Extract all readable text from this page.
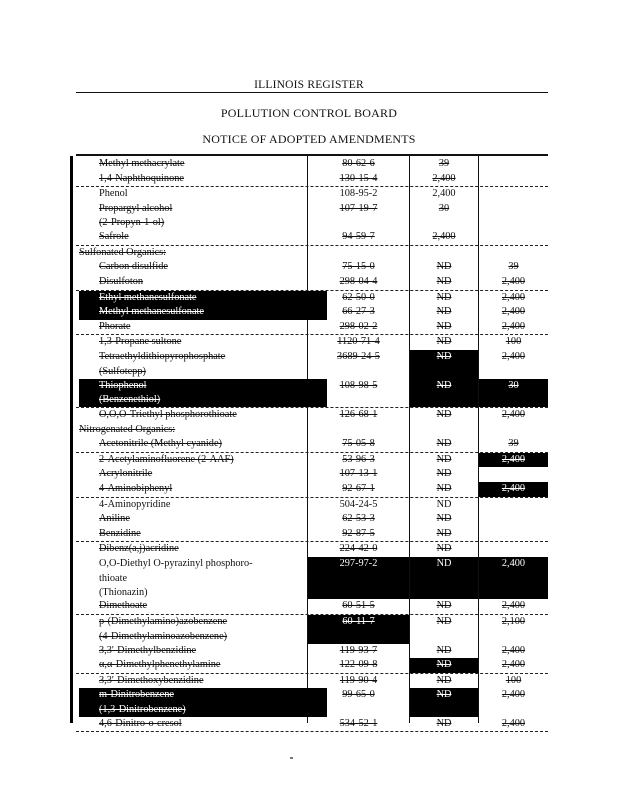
ILLINOIS REGISTER
POLLUTION CONTROL BOARD
NOTICE OF ADOPTED AMENDMENTS
Methyl methacrylate	80-62-6	39
1,4-Naphthoquinone	130-15-4	2,400
Phenol	108-95-2	2,400
Propargyl alcohol
(2-Propyn-1-ol)
107-19-7	30
Safrole	94-59-7	2,400
Sulfonated Organics:
Carbon disulfide	75-15-0	ND	39
Disulfoton	298-04-4	ND	2,400
Ethyl methanesulfonate	62-50-0	ND	2,400
Methyl methanesulfonate	66-27-3	ND	2,400
Phorate	298-02-2	ND	2,400
1,3-Propane sultone	1120-71-4	ND	100
Tetraethyldithiopyrophosphate
(Sulfotepp)
3689-24-5	ND	2,400
Thiophenol
(Benzenethiol)
108-98-5	ND	30
O,O,O-Triethyl phosphorothioate	126-68-1	ND	2,400
Nitrogenated Organics:
Acetonitrile (Methyl cyanide)	75-05-8	ND	39
2-Acetylaminofluorene (2-AAF)	53-96-3	ND	2,400
Acrylonitrile	107-13-1	ND
4-Aminobiphenyl	92-67-1	ND	2,400
4-Aminopyridine	504-24-5	ND
Aniline	62-53-3	ND
Benzidine	92-87-5	ND
Dibenz(a,j)acridine	224-42-0	ND
O,O-Diethyl O-pyrazinyl phosphoro-
thioate
(Thionazin)
297-97-2	ND	2,400
Dimethoate	60-51-5	ND	2,400
p-(Dimethylamino)azobenzene
(4-Dimethylaminoazobenzene)
60-11-7	ND	2,100
3,3'-Dimethylbenzidine	119-93-7	ND	2,400
α,α-Dimethylphenethylamine	122-09-8	ND	2,400
3,3'-Dimethoxybenzidine	119-90-4	ND	100
m-Dinitrobenzene
(1,3-Dinitrobenzene)
99-65-0	ND	2,400
4,6-Dinitro-o-cresol	534-52-1	ND	2,400
